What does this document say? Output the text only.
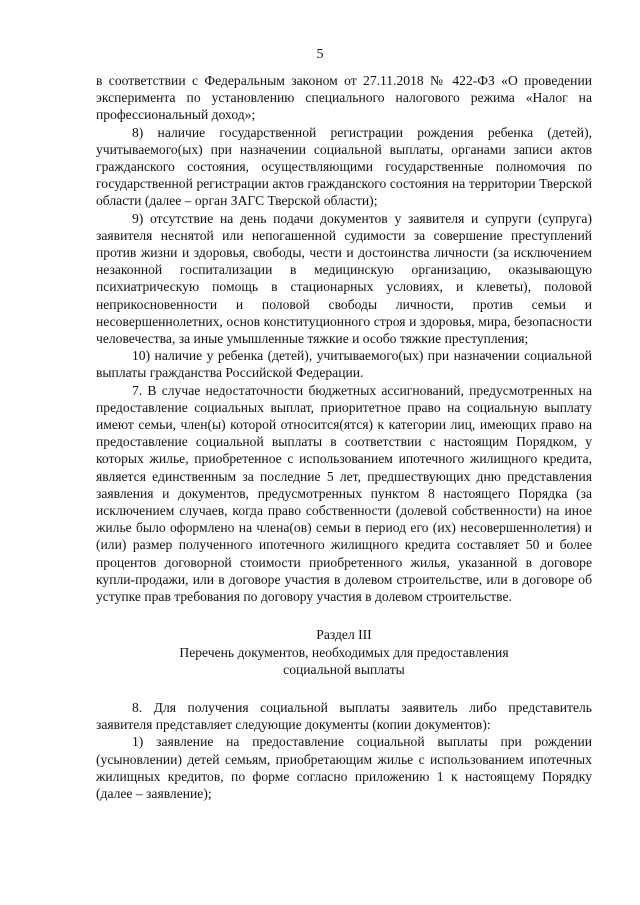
5

в соответствии с Федеральным законом от 27.11.2018 № 422-ФЗ «О проведении эксперимента по установлению специального налогового режима «Налог на профессиональный доход»;

8) наличие государственной регистрации рождения ребенка (детей), учитываемого(ых) при назначении социальной выплаты, органами записи актов гражданского состояния, осуществляющими государственные полномочия по государственной регистрации актов гражданского состояния на территории Тверской области (далее – орган ЗАГС Тверской области);

9) отсутствие на день подачи документов у заявителя и супруги (супруга) заявителя неснятой или непогашенной судимости за совершение преступлений против жизни и здоровья, свободы, чести и достоинства личности (за исключением незаконной госпитализации в медицинскую организацию, оказывающую психиатрическую помощь в стационарных условиях, и клеветы), половой неприкосновенности и половой свободы личности, против семьи и несовершеннолетних, основ конституционного строя и здоровья, мира, безопасности человечества, за иные умышленные тяжкие и особо тяжкие преступления;

10) наличие у ребенка (детей), учитываемого(ых) при назначении социальной выплаты гражданства Российской Федерации.

7. В случае недостаточности бюджетных ассигнований, предусмотренных на предоставление социальных выплат, приоритетное право на социальную выплату имеют семьи, член(ы) которой относится(ятся) к категории лиц, имеющих право на предоставление социальной выплаты в соответствии с настоящим Порядком, у которых жилье, приобретенное с использованием ипотечного жилищного кредита, является единственным за последние 5 лет, предшествующих дню представления заявления и документов, предусмотренных пунктом 8 настоящего Порядка (за исключением случаев, когда право собственности (долевой собственности) на иное жилье было оформлено на члена(ов) семьи в период его (их) несовершеннолетия) и (или) размер полученного ипотечного жилищного кредита составляет 50 и более процентов договорной стоимости приобретенного жилья, указанной в договоре купли-продажи, или в договоре участия в долевом строительстве, или в договоре об уступке прав требования по договору участия в долевом строительстве.

Раздел III

Перечень документов, необходимых для предоставления

социальной выплаты

8. Для получения социальной выплаты заявитель либо представитель заявителя представляет следующие документы (копии документов):

1) заявление на предоставление социальной выплаты при рождении (усыновлении) детей семьям, приобретающим жилье с использованием ипотечных жилищных кредитов, по форме согласно приложению 1 к настоящему Порядку (далее – заявление);
